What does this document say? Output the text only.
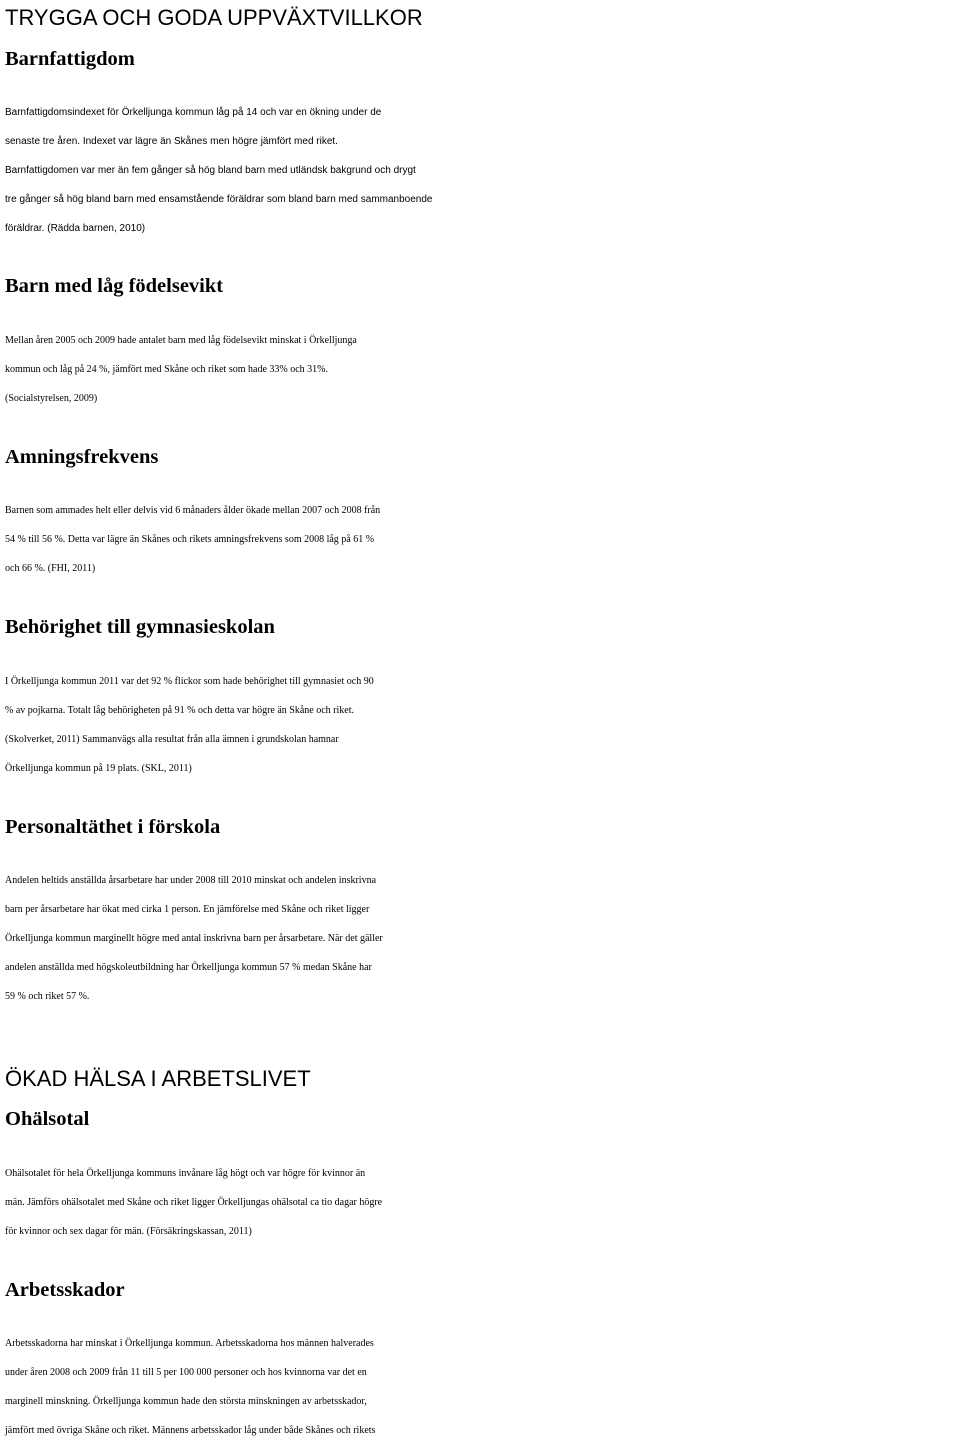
TRYGGA OCH GODA UPPVÄXTVILLKOR
Barnfattigdom
Barnfattigdomsindexet för Örkelljunga kommun låg på 14 och var en ökning under de
senaste tre åren. Indexet var lägre än Skånes men högre jämfört med riket.
Barnfattigdomen var mer än fem gånger så hög bland barn med utländsk bakgrund och drygt
tre gånger så hög bland barn med ensamstående föräldrar som bland barn med sammanboende
föräldrar. (Rädda barnen, 2010)
Barn med låg födelsevikt
Mellan åren 2005 och 2009 hade antalet barn med låg födelsevikt minskat i Örkelljunga
kommun och låg på 24 %, jämfört med Skåne och riket som hade 33% och 31%.
(Socialstyrelsen, 2009)
Amningsfrekvens
Barnen som ammades helt eller delvis vid 6 månaders ålder ökade mellan 2007 och 2008 från
54 % till 56 %. Detta var lägre än Skånes och rikets amningsfrekvens som 2008 låg på 61 %
och 66 %. (FHI, 2011)
Behörighet till gymnasieskolan
I Örkelljunga kommun 2011 var det 92 % flickor som hade behörighet till gymnasiet och 90
% av pojkarna. Totalt låg behörigheten på 91 % och detta var högre än Skåne och riket.
(Skolverket, 2011) Sammanvägs alla resultat från alla ämnen i grundskolan hamnar
Örkelljunga kommun på 19 plats. (SKL, 2011)
Personaltäthet i förskola
Andelen heltids anställda årsarbetare har under 2008 till 2010 minskat och andelen inskrivna
barn per årsarbetare har ökat med cirka 1 person. En jämförelse med Skåne och riket ligger
Örkelljunga kommun marginellt högre med antal inskrivna barn per årsarbetare. När det gäller
andelen anställda med högskoleutbildning har Örkelljunga kommun 57 % medan Skåne har
59 % och riket 57 %.
ÖKAD HÄLSA I ARBETSLIVET
Ohälsotal
Ohälsotalet för hela Örkelljunga kommuns invånare låg högt och var högre för kvinnor än
män. Jämförs ohälsotalet med Skåne och riket ligger Örkelljungas ohälsotal ca tio dagar högre
för kvinnor och sex dagar för män. (Försäkringskassan, 2011)
Arbetsskador
Arbetsskadorna har minskat i Örkelljunga kommun. Arbetsskadorna hos männen halverades
under åren 2008 och 2009 från 11 till 5 per 100 000 personer och hos kvinnorna var det en
marginell minskning. Örkelljunga kommun hade den största minskningen av arbetsskador,
jämfört med övriga Skåne och riket. Männens arbetsskador låg under både Skånes och rikets
